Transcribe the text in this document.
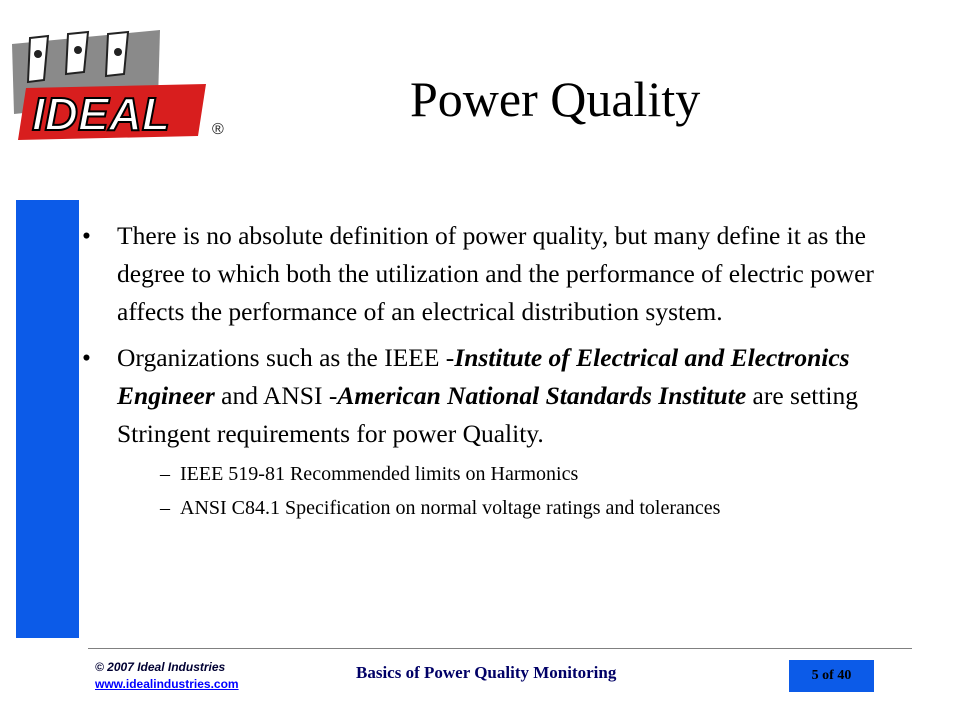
IDEAL	®
Power Quality
•	There is no absolute definition of power quality, but many define it as the degree to which both the utilization and the performance of electric power affects the performance of an electrical distribution system.
•	Organizations such as the IEEE -Institute of Electrical and Electronics Engineer and ANSI -American National Standards Institute are setting Stringent requirements for power Quality.
– IEEE 519-81 Recommended limits on Harmonics
– ANSI C84.1 Specification on normal voltage ratings and tolerances
© 2007 Ideal Industries
www.idealindustries.com
Basics of Power Quality Monitoring	5 of 40
